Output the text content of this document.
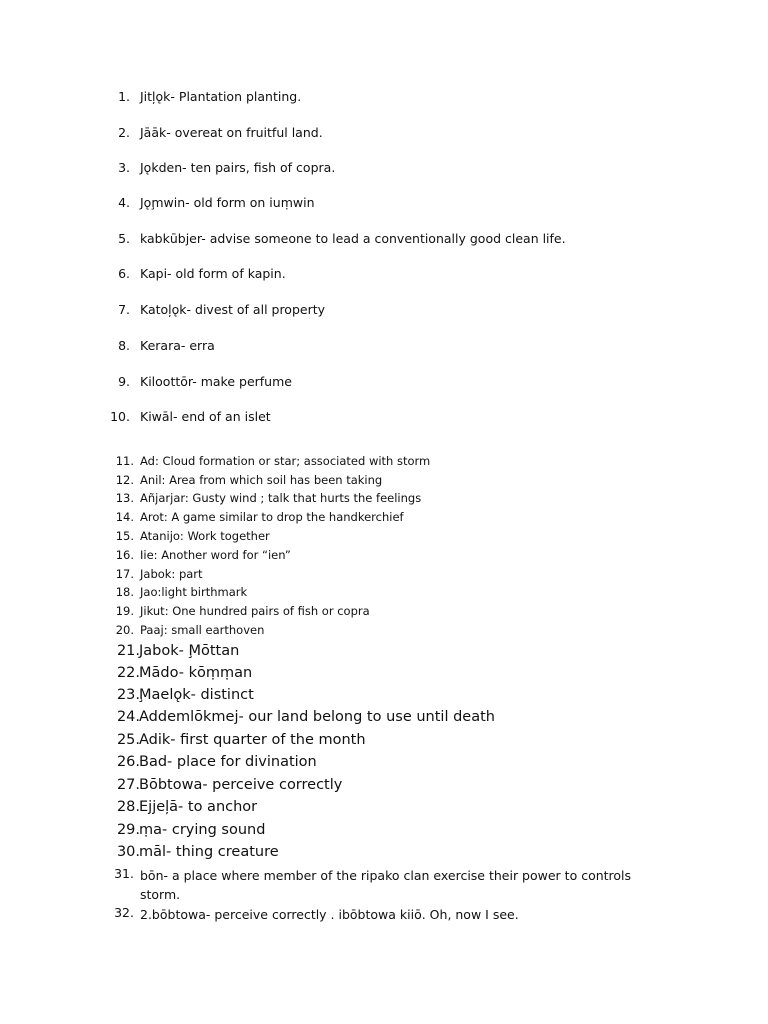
1. Jitļǫk- Plantation planting.
2. Jāāk- overeat on fruitful land.
3. Jǫkden- ten pairs, fish of copra.
4. Jǫm̧win- old form on iuṃwin
5. kabkūbjer- advise someone to lead a conventionally good clean life.
6. Kapi- old form of kapin.
7. Katoļǫk- divest of all property
8. Kerara- erra
9. Kiloottōr- make perfume
10. Kiwāl- end of an islet
11. Ad: Cloud formation or star; associated with storm
12. Anil: Area from which soil has been taking
13. Añjarjar: Gusty wind ; talk that hurts the feelings
14. Arot: A game similar to drop the handkerchief
15. Atanijo: Work together
16. Iie: Another word for “ien”
17. Jabok: part
18. Jao:light birthmark
19. Jikut: One hundred pairs of fish or copra
20. Paaj: small earthoven
21. Jabok- M̧ōttan
22. Mādo- kōṃṃan
23. M̧aelǫk- distinct
24. Addemlōkmej- our land belong to use until death
25. Adik- first quarter of the month
26. Bad- place for divination
27. Bōbtowa- perceive correctly
28. Ejjeļā- to anchor
29. ṃa- crying sound
30. māl- thing creature
31. bōn- a place where member of the ripako clan exercise their power to controls storm.
32. 2.bōbtowa- perceive correctly . ibōbtowa kiiō. Oh, now I see.
